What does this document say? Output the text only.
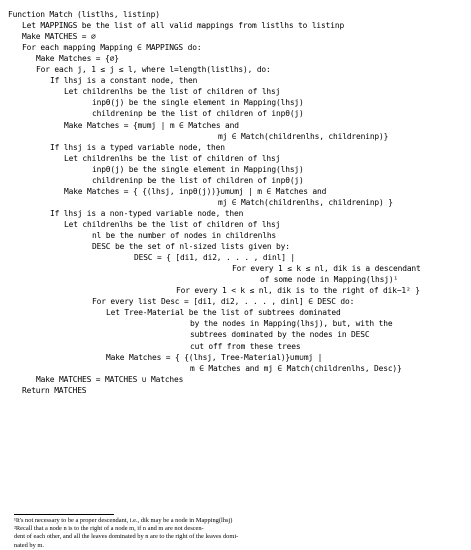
Function Match (listlhs, listinp)
Let MAPPINGS be the list of all valid mappings from listlhs to listinp
Make MATCHES = ∅
For each mapping Mapping ∈ MAPPINGS do:
Make Matches = {∅}
For each j, 1 ≤ j ≤ l, where l=length(listlhs), do:
If lhsj is a constant node, then
Let childrenlhs be the list of children of lhsj
inpθ(j) be the single element in Mapping(lhsj)
childreninp be the list of children of inpθ(j)
Make Matches = {m∪mj | m ∈ Matches and
mj ∈ Match(childrenlhs, childreninp)}
If lhsj is a typed variable node, then
Let childrenlhs be the list of children of lhsj
inpθ(j) be the single element in Mapping(lhsj)
childreninp be the list of children of inpθ(j)
Make Matches = { {(lhsj, inpθ(j))}∪m∪mj | m ∈ Matches and
mj ∈ Match(childrenlhs, childreninp) }
If lhsj is a non-typed variable node, then
Let childrenlhs be the list of children of lhsj
nl be the number of nodes in childrenlhs
DESC be the set of nl-sized lists given by:
DESC = { [di1, di2, . . . , dinl] |
For every 1 ≤ k ≤ nl, dik is a descendant
of some node in Mapping(lhsj)¹
For every 1 < k ≤ nl, dik is to the right of dik−1² }
For every list Desc = [di1, di2, . . . , dinl] ∈ DESC do:
Let Tree-Material be the list of subtrees dominated
by the nodes in Mapping(lhsj), but, with the
subtrees dominated by the nodes in DESC
cut off from these trees
Make Matches = { {(lhsj, Tree-Material)}∪m∪mj |
m ∈ Matches and mj ∈ Match(childrenlhs, Desc)}
Make MATCHES = MATCHES ∪ Matches
Return MATCHES
¹It's not necessary to be a proper descendant, i.e., dik may be a node in Mapping(lhsj)
²Recall that a node n is to the right of a node m, if n and m are not descen-
dent of each other, and all the leaves dominated by n are to the right of the leaves domi-
nated by m.
